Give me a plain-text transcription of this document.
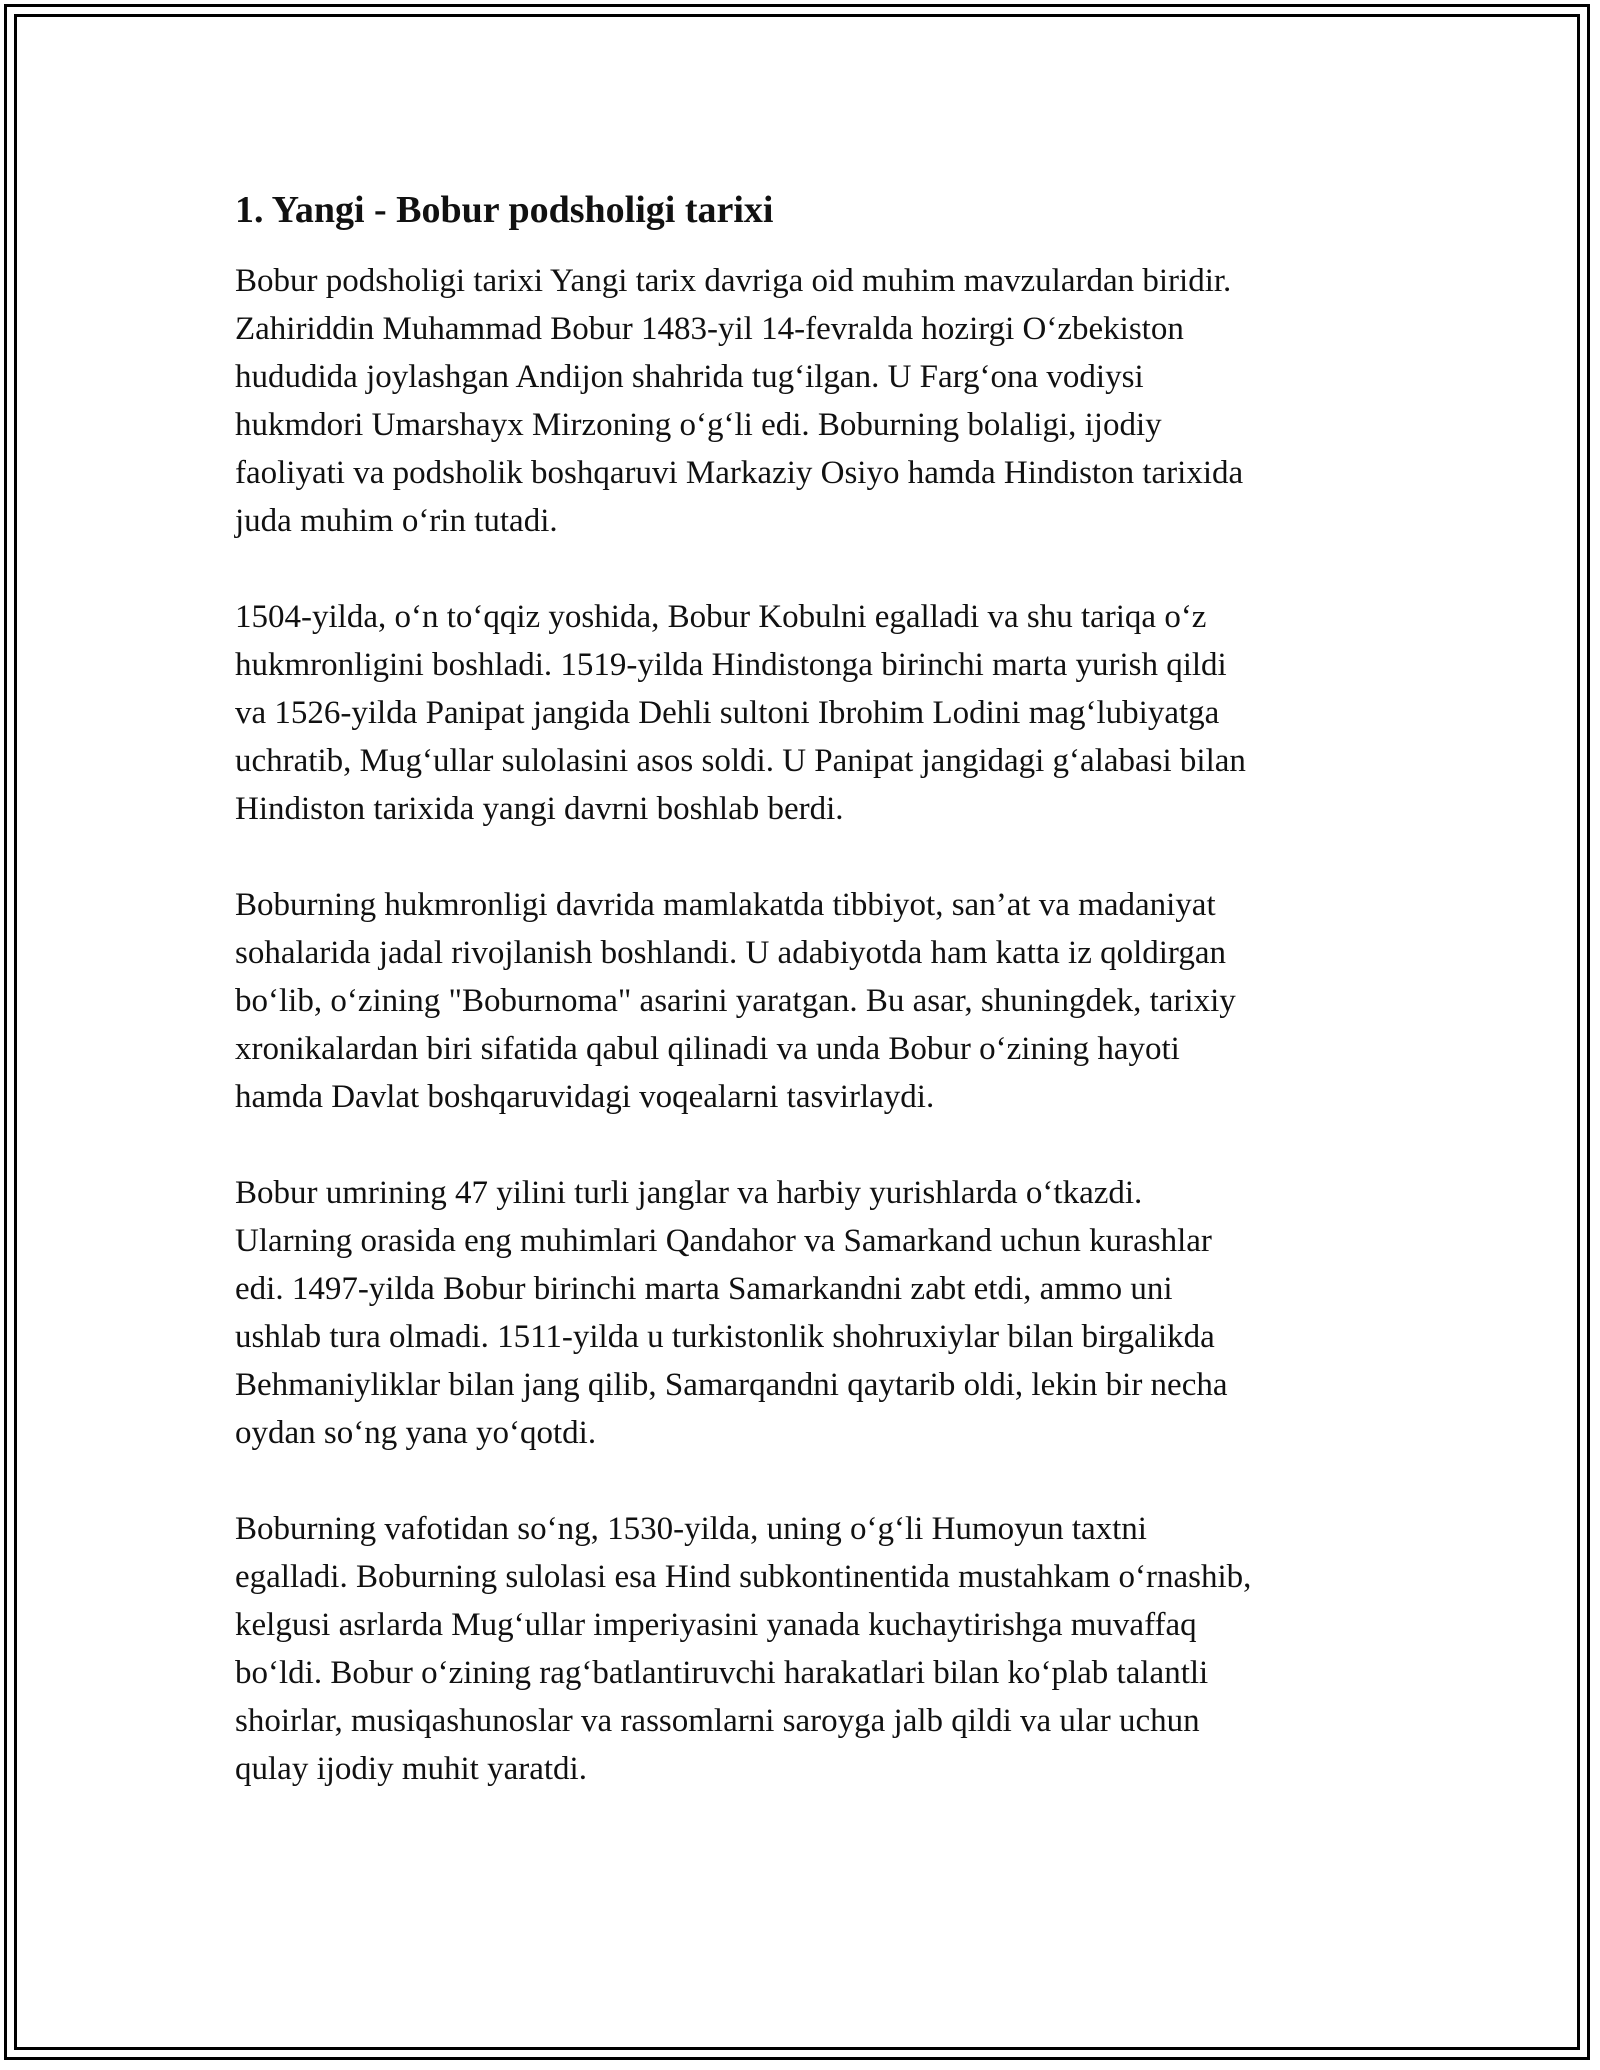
1. Yangi - Bobur podsholigi tarixi

Bobur podsholigi tarixi Yangi tarix davriga oid muhim mavzulardan biridir.
Zahiriddin Muhammad Bobur 1483-yil 14-fevralda hozirgi O‘zbekiston
hududida joylashgan Andijon shahrida tug‘ilgan. U Farg‘ona vodiysi
hukmdori Umarshayx Mirzoning o‘g‘li edi. Boburning bolaligi, ijodiy
faoliyati va podsholik boshqaruvi Markaziy Osiyo hamda Hindiston tarixida
juda muhim o‘rin tutadi.

1504-yilda, o‘n to‘qqiz yoshida, Bobur Kobulni egalladi va shu tariqa o‘z
hukmronligini boshladi. 1519-yilda Hindistonga birinchi marta yurish qildi
va 1526-yilda Panipat jangida Dehli sultoni Ibrohim Lodini mag‘lubiyatga
uchratib, Mug‘ullar sulolasini asos soldi. U Panipat jangidagi g‘alabasi bilan
Hindiston tarixida yangi davrni boshlab berdi.

Boburning hukmronligi davrida mamlakatda tibbiyot, san’at va madaniyat
sohalarida jadal rivojlanish boshlandi. U adabiyotda ham katta iz qoldirgan
bo‘lib, o‘zining "Boburnoma" asarini yaratgan. Bu asar, shuningdek, tarixiy
xronikalardan biri sifatida qabul qilinadi va unda Bobur o‘zining hayoti
hamda Davlat boshqaruvidagi voqealarni tasvirlaydi.

Bobur umrining 47 yilini turli janglar va harbiy yurishlarda o‘tkazdi.
Ularning orasida eng muhimlari Qandahor va Samarkand uchun kurashlar
edi. 1497-yilda Bobur birinchi marta Samarkandni zabt etdi, ammo uni
ushlab tura olmadi. 1511-yilda u turkistonlik shohruxiylar bilan birgalikda
Behmaniyliklar bilan jang qilib, Samarqandni qaytarib oldi, lekin bir necha
oydan so‘ng yana yo‘qotdi.

Boburning vafotidan so‘ng, 1530-yilda, uning o‘g‘li Humoyun taxtni
egalladi. Boburning sulolasi esa Hind subkontinentida mustahkam o‘rnashib,
kelgusi asrlarda Mug‘ullar imperiyasini yanada kuchaytirishga muvaffaq
bo‘ldi. Bobur o‘zining rag‘batlantiruvchi harakatlari bilan ko‘plab talantli
shoirlar, musiqashunoslar va rassomlarni saroyga jalb qildi va ular uchun
qulay ijodiy muhit yaratdi.
